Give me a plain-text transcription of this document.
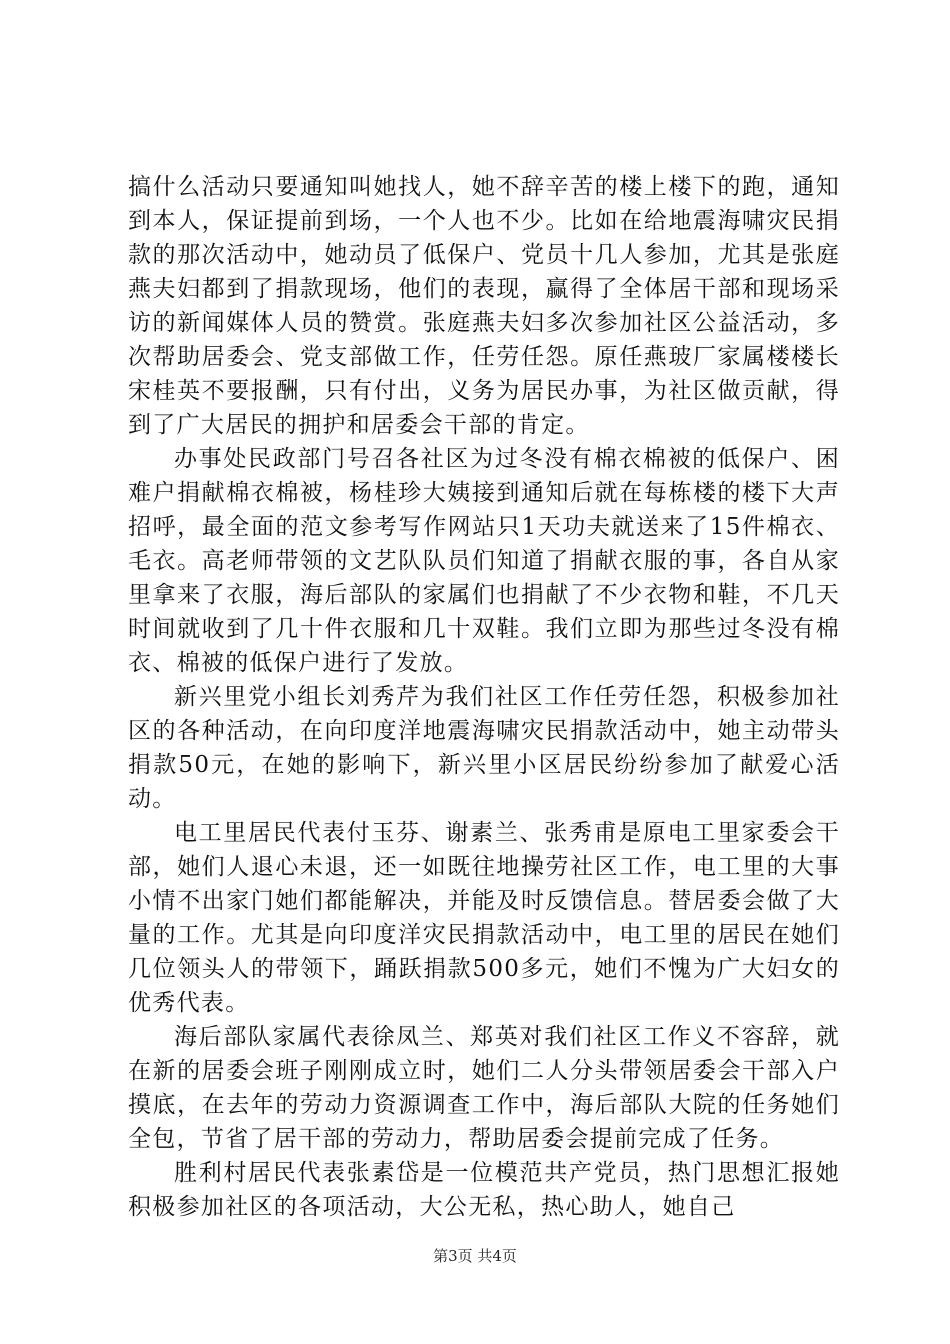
搞什么活动只要通知叫她找人，她不辞辛苦的楼上楼下的跑，通知到本人，保证提前到场，一个人也不少。比如在给地震海啸灾民捐款的那次活动中，她动员了低保户、党员十几人参加，尤其是张庭燕夫妇都到了捐款现场，他们的表现，赢得了全体居干部和现场采访的新闻媒体人员的赞赏。张庭燕夫妇多次参加社区公益活动，多次帮助居委会、党支部做工作，任劳任怨。原任燕玻厂家属楼楼长宋桂英不要报酬，只有付出，义务为居民办事，为社区做贡献，得到了广大居民的拥护和居委会干部的肯定。

办事处民政部门号召各社区为过冬没有棉衣棉被的低保户、困难户捐献棉衣棉被，杨桂珍大姨接到通知后就在每栋楼的楼下大声招呼，最全面的范文参考写作网站只1天功夫就送来了15件棉衣、毛衣。高老师带领的文艺队队员们知道了捐献衣服的事，各自从家里拿来了衣服，海后部队的家属们也捐献了不少衣物和鞋，不几天时间就收到了几十件衣服和几十双鞋。我们立即为那些过冬没有棉衣、棉被的低保户进行了发放。

新兴里党小组长刘秀芹为我们社区工作任劳任怨，积极参加社区的各种活动，在向印度洋地震海啸灾民捐款活动中，她主动带头捐款50元，在她的影响下，新兴里小区居民纷纷参加了献爱心活动。

电工里居民代表付玉芬、谢素兰、张秀甫是原电工里家委会干部，她们人退心未退，还一如既往地操劳社区工作，电工里的大事小情不出家门她们都能解决，并能及时反馈信息。替居委会做了大量的工作。尤其是向印度洋灾民捐款活动中，电工里的居民在她们几位领头人的带领下，踊跃捐款500多元，她们不愧为广大妇女的优秀代表。

海后部队家属代表徐凤兰、郑英对我们社区工作义不容辞，就在新的居委会班子刚刚成立时，她们二人分头带领居委会干部入户摸底，在去年的劳动力资源调查工作中，海后部队大院的任务她们全包，节省了居干部的劳动力，帮助居委会提前完成了任务。

胜利村居民代表张素岱是一位模范共产党员，热门思想汇报她积极参加社区的各项活动，大公无私，热心助人，她自己

第3页 共4页
